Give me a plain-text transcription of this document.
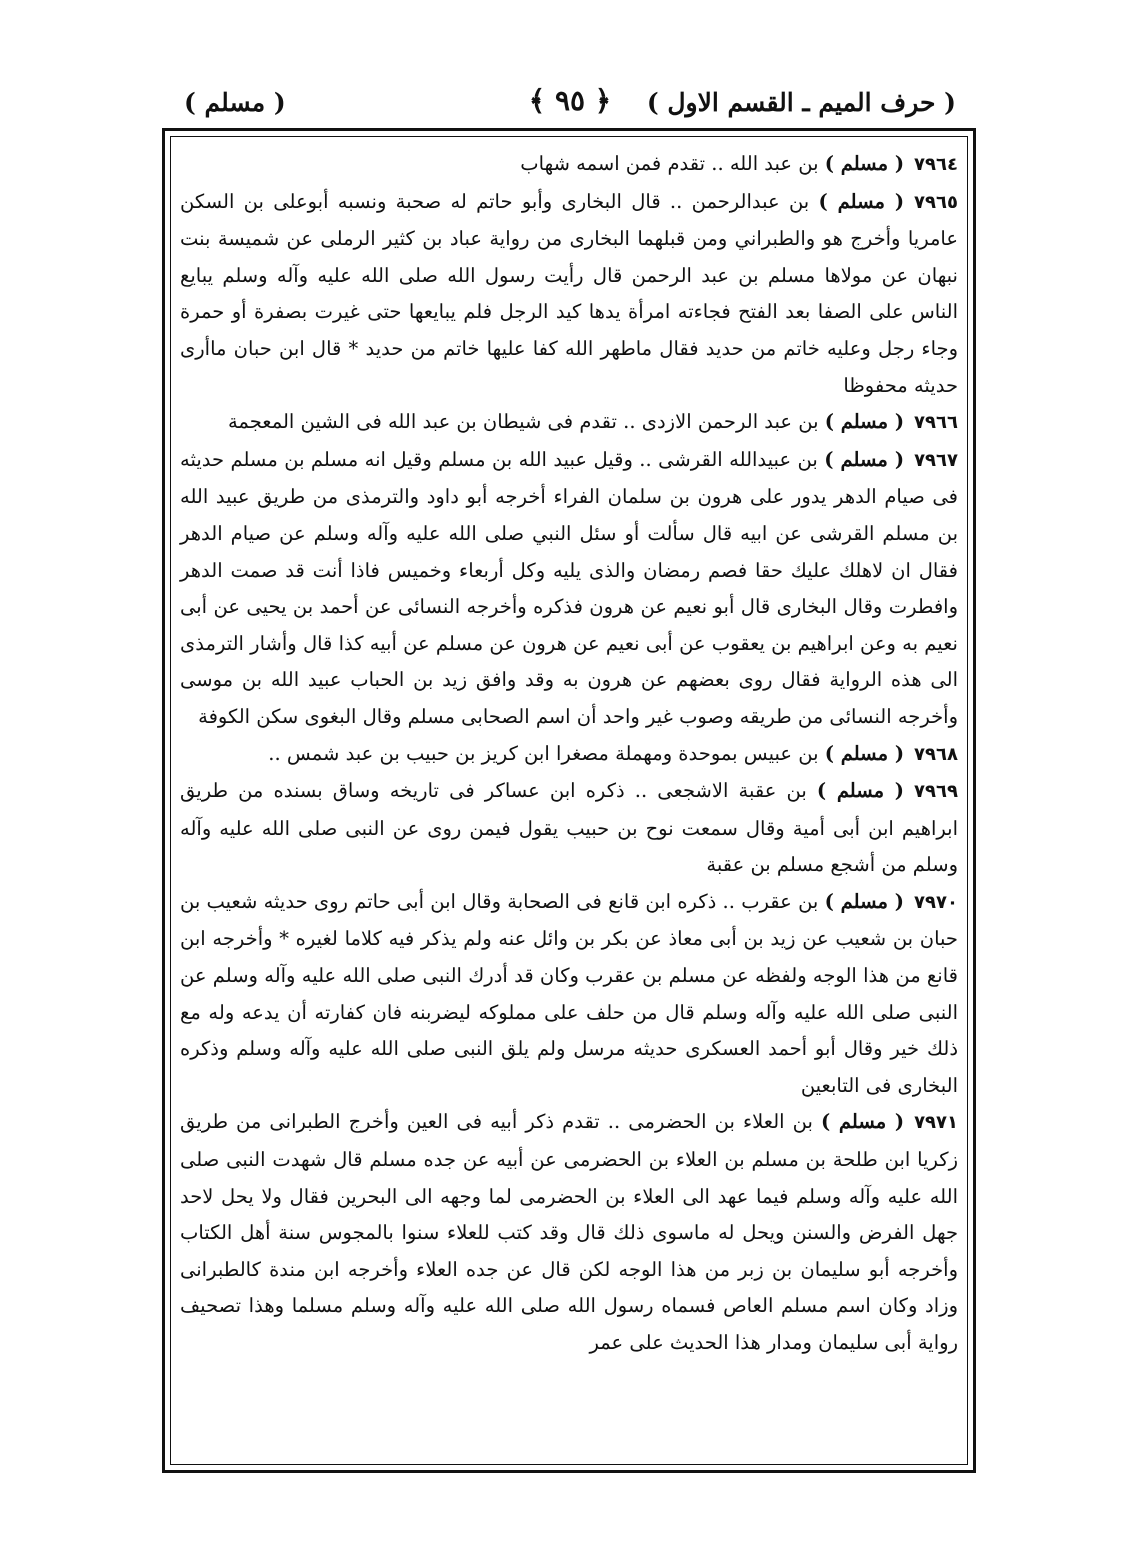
( حرف الميم ـ القسم الاول )
﴿ ٩٥ ﴾
( مسلم )

٧٩٦٤( مسلم ) بن عبد الله .. تقدم فمن اسمه شهاب

٧٩٦٥( مسلم ) بن عبدالرحمن .. قال البخارى وأبو حاتم له صحبة ونسبه أبوعلى بن السكن عامريا وأخرج هو والطبراني ومن قبلهما البخارى من رواية عباد بن كثير الرملى عن شميسة بنت نبهان عن مولاها مسلم بن عبد الرحمن قال رأيت رسول الله صلى الله عليه وآله وسلم يبايع الناس على الصفا بعد الفتح فجاءته امرأة يدها كيد الرجل فلم يبايعها حتى غيرت بصفرة أو حمرة وجاء رجل وعليه خاتم من حديد فقال ماطهر الله كفا عليها خاتم من حديد * قال ابن حبان ماأرى حديثه محفوظا

٧٩٦٦( مسلم ) بن عبد الرحمن الازدى .. تقدم فى شيطان بن عبد الله فى الشين المعجمة

٧٩٦٧( مسلم ) بن عبيدالله القرشى .. وقيل عبيد الله بن مسلم وقيل انه مسلم بن مسلم حديثه فى صيام الدهر يدور على هرون بن سلمان الفراء أخرجه أبو داود والترمذى من طريق عبيد الله بن مسلم القرشى عن ابيه قال سألت أو سئل النبي صلى الله عليه وآله وسلم عن صيام الدهر فقال ان لاهلك عليك حقا فصم رمضان والذى يليه وكل أربعاء وخميس فاذا أنت قد صمت الدهر وافطرت وقال البخارى قال أبو نعيم عن هرون فذكره وأخرجه النسائى عن أحمد بن يحيى عن أبى نعيم به وعن ابراهيم بن يعقوب عن أبى نعيم عن هرون عن مسلم عن أبيه كذا قال وأشار الترمذى الى هذه الرواية فقال روى بعضهم عن هرون به وقد وافق زيد بن الحباب عبيد الله بن موسى وأخرجه النسائى من طريقه وصوب غير واحد أن اسم الصحابى مسلم وقال البغوى سكن الكوفة

٧٩٦٨( مسلم ) بن عبيس بموحدة ومهملة مصغرا ابن كريز بن حبيب بن عبد شمس ..

٧٩٦٩( مسلم ) بن عقبة الاشجعى .. ذكره ابن عساكر فى تاريخه وساق بسنده من طريق ابراهيم ابن أبى أمية وقال سمعت نوح بن حبيب يقول فيمن روى عن النبى صلى الله عليه وآله وسلم من أشجع مسلم بن عقبة

٧٩٧٠( مسلم ) بن عقرب .. ذكره ابن قانع فى الصحابة وقال ابن أبى حاتم روى حديثه شعيب بن حبان بن شعيب عن زيد بن أبى معاذ عن بكر بن وائل عنه ولم يذكر فيه كلاما لغيره * وأخرجه ابن قانع من هذا الوجه ولفظه عن مسلم بن عقرب وكان قد أدرك النبى صلى الله عليه وآله وسلم عن النبى صلى الله عليه وآله وسلم قال من حلف على مملوكه ليضربنه فان كفارته أن يدعه وله مع ذلك خير وقال أبو أحمد العسكرى حديثه مرسل ولم يلق النبى صلى الله عليه وآله وسلم وذكره البخارى فى التابعين

٧٩٧١( مسلم ) بن العلاء بن الحضرمى .. تقدم ذكر أبيه فى العين وأخرج الطبرانى من طريق زكريا ابن طلحة بن مسلم بن العلاء بن الحضرمى عن أبيه عن جده مسلم قال شهدت النبى صلى الله عليه وآله وسلم فيما عهد الى العلاء بن الحضرمى لما وجهه الى البحرين فقال ولا يحل لاحد جهل الفرض والسنن ويحل له ماسوى ذلك قال وقد كتب للعلاء سنوا بالمجوس سنة أهل الكتاب وأخرجه أبو سليمان بن زبر من هذا الوجه لكن قال عن جده العلاء وأخرجه ابن مندة كالطبرانى وزاد وكان اسم مسلم العاص فسماه رسول الله صلى الله عليه وآله وسلم مسلما وهذا تصحيف رواية أبى سليمان ومدار هذا الحديث على عمر
